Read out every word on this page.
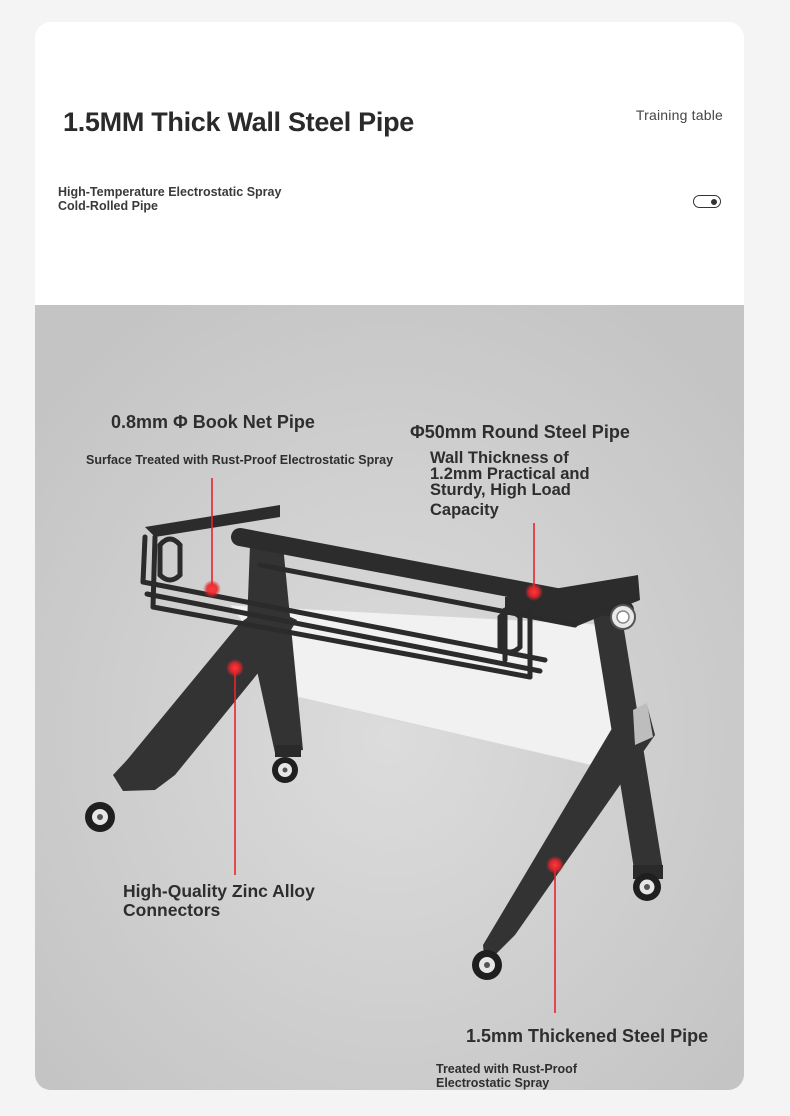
1.5MM Thick Wall Steel Pipe
High-Temperature Electrostatic Spray
Cold-Rolled Pipe
Training table
0.8mm Φ Book Net Pipe
Surface Treated with Rust-Proof Electrostatic Spray
Φ50mm Round Steel Pipe
Wall Thickness of
1.2mm Practical and
Sturdy, High Load
Capacity
High-Quality Zinc Alloy
Connectors
1.5mm Thickened Steel Pipe
Treated with Rust-Proof
Electrostatic Spray
